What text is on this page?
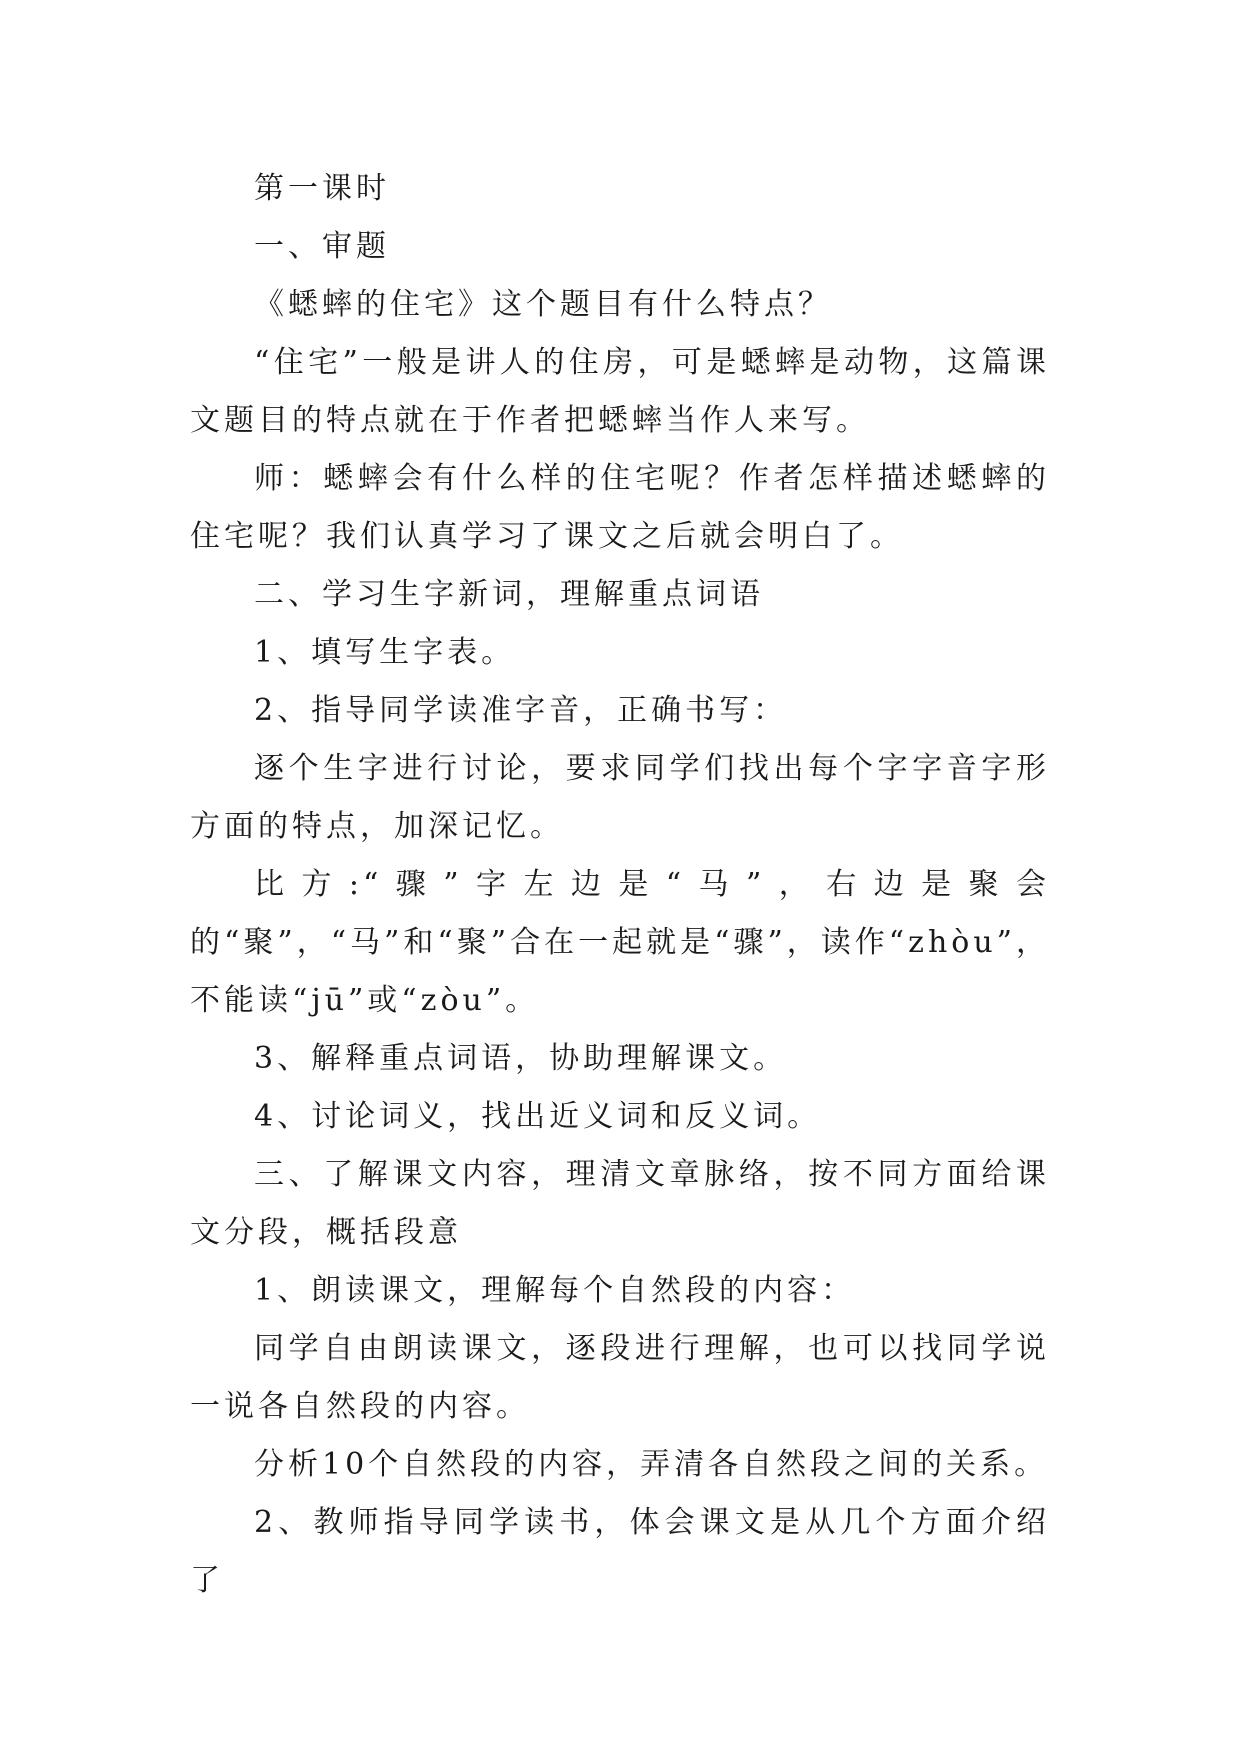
第一课时

一、审题

《蟋蟀的住宅》这个题目有什么特点？

“住宅”一般是讲人的住房，可是蟋蟀是动物，这篇课文题目的特点就在于作者把蟋蟀当作人来写。

师：蟋蟀会有什么样的住宅呢？作者怎样描述蟋蟀的住宅呢？我们认真学习了课文之后就会明白了。

二、学习生字新词，理解重点词语

1、填写生字表。

2、指导同学读准字音，正确书写：

逐个生字进行讨论，要求同学们找出每个字字音字形方面的特点，加深记忆。

比方:“骤”字左边是“马”，右边是聚会的“聚”，“马”和“聚”合在一起就是“骤”，读作“zhòu”，不能读“jū”或“zòu”。

3、解释重点词语，协助理解课文。

4、讨论词义，找出近义词和反义词。

三、了解课文内容，理清文章脉络，按不同方面给课文分段，概括段意

1、朗读课文，理解每个自然段的内容：

同学自由朗读课文，逐段进行理解，也可以找同学说一说各自然段的内容。

分析10个自然段的内容，弄清各自然段之间的关系。

2、教师指导同学读书，体会课文是从几个方面介绍了
